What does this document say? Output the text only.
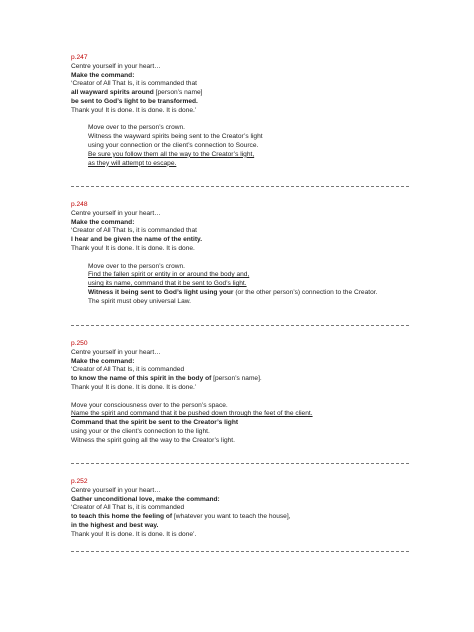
p.247
Centre yourself in your heart…
Make the command:
‘Creator of All That Is, it is commanded that
all wayward spirits around [person’s name]
be sent to God’s light to be transformed.
Thank you! It is done. It is done. It is done.’
Move over to the person’s crown.
Witness the wayward spirits being sent to the Creator’s light
using your connection or the client’s connection to Source.
Be sure you follow them all the way to the Creator’s light,
as they will attempt to escape.
p.248
Centre yourself in your heart…
Make the command:
‘Creator of All That Is, it is commanded that
I hear and be given the name of the entity.
Thank you! It is done. It is done. It is done.
Move over to the person’s crown.
Find the fallen spirit or entity in or around the body and,
using its name, command that it be sent to God’s light.
Witness it being sent to God’s light using your (or the other person’s) connection to the Creator.
The spirit must obey universal Law.
p.250
Centre yourself in your heart…
Make the command:
‘Creator of All That Is, it is commanded
to know the name of this spirit in the body of [person’s name].
Thank you! It is done. It is done. It is done.’
Move your consciousness over to the person’s space.
Name the spirit and command that it be pushed down through the feet of the client.
Command that the spirit be sent to the Creator’s light
using your or the client’s connection to the light.
Witness the spirit going all the way to the Creator’s light.
p.252
Centre yourself in your heart…
Gather unconditional love, make the command:
‘Creator of All That Is, it is commanded
to teach this home the feeling of [whatever you want to teach the house],
in the highest and best way.
Thank you! It is done. It is done. It is done’.
